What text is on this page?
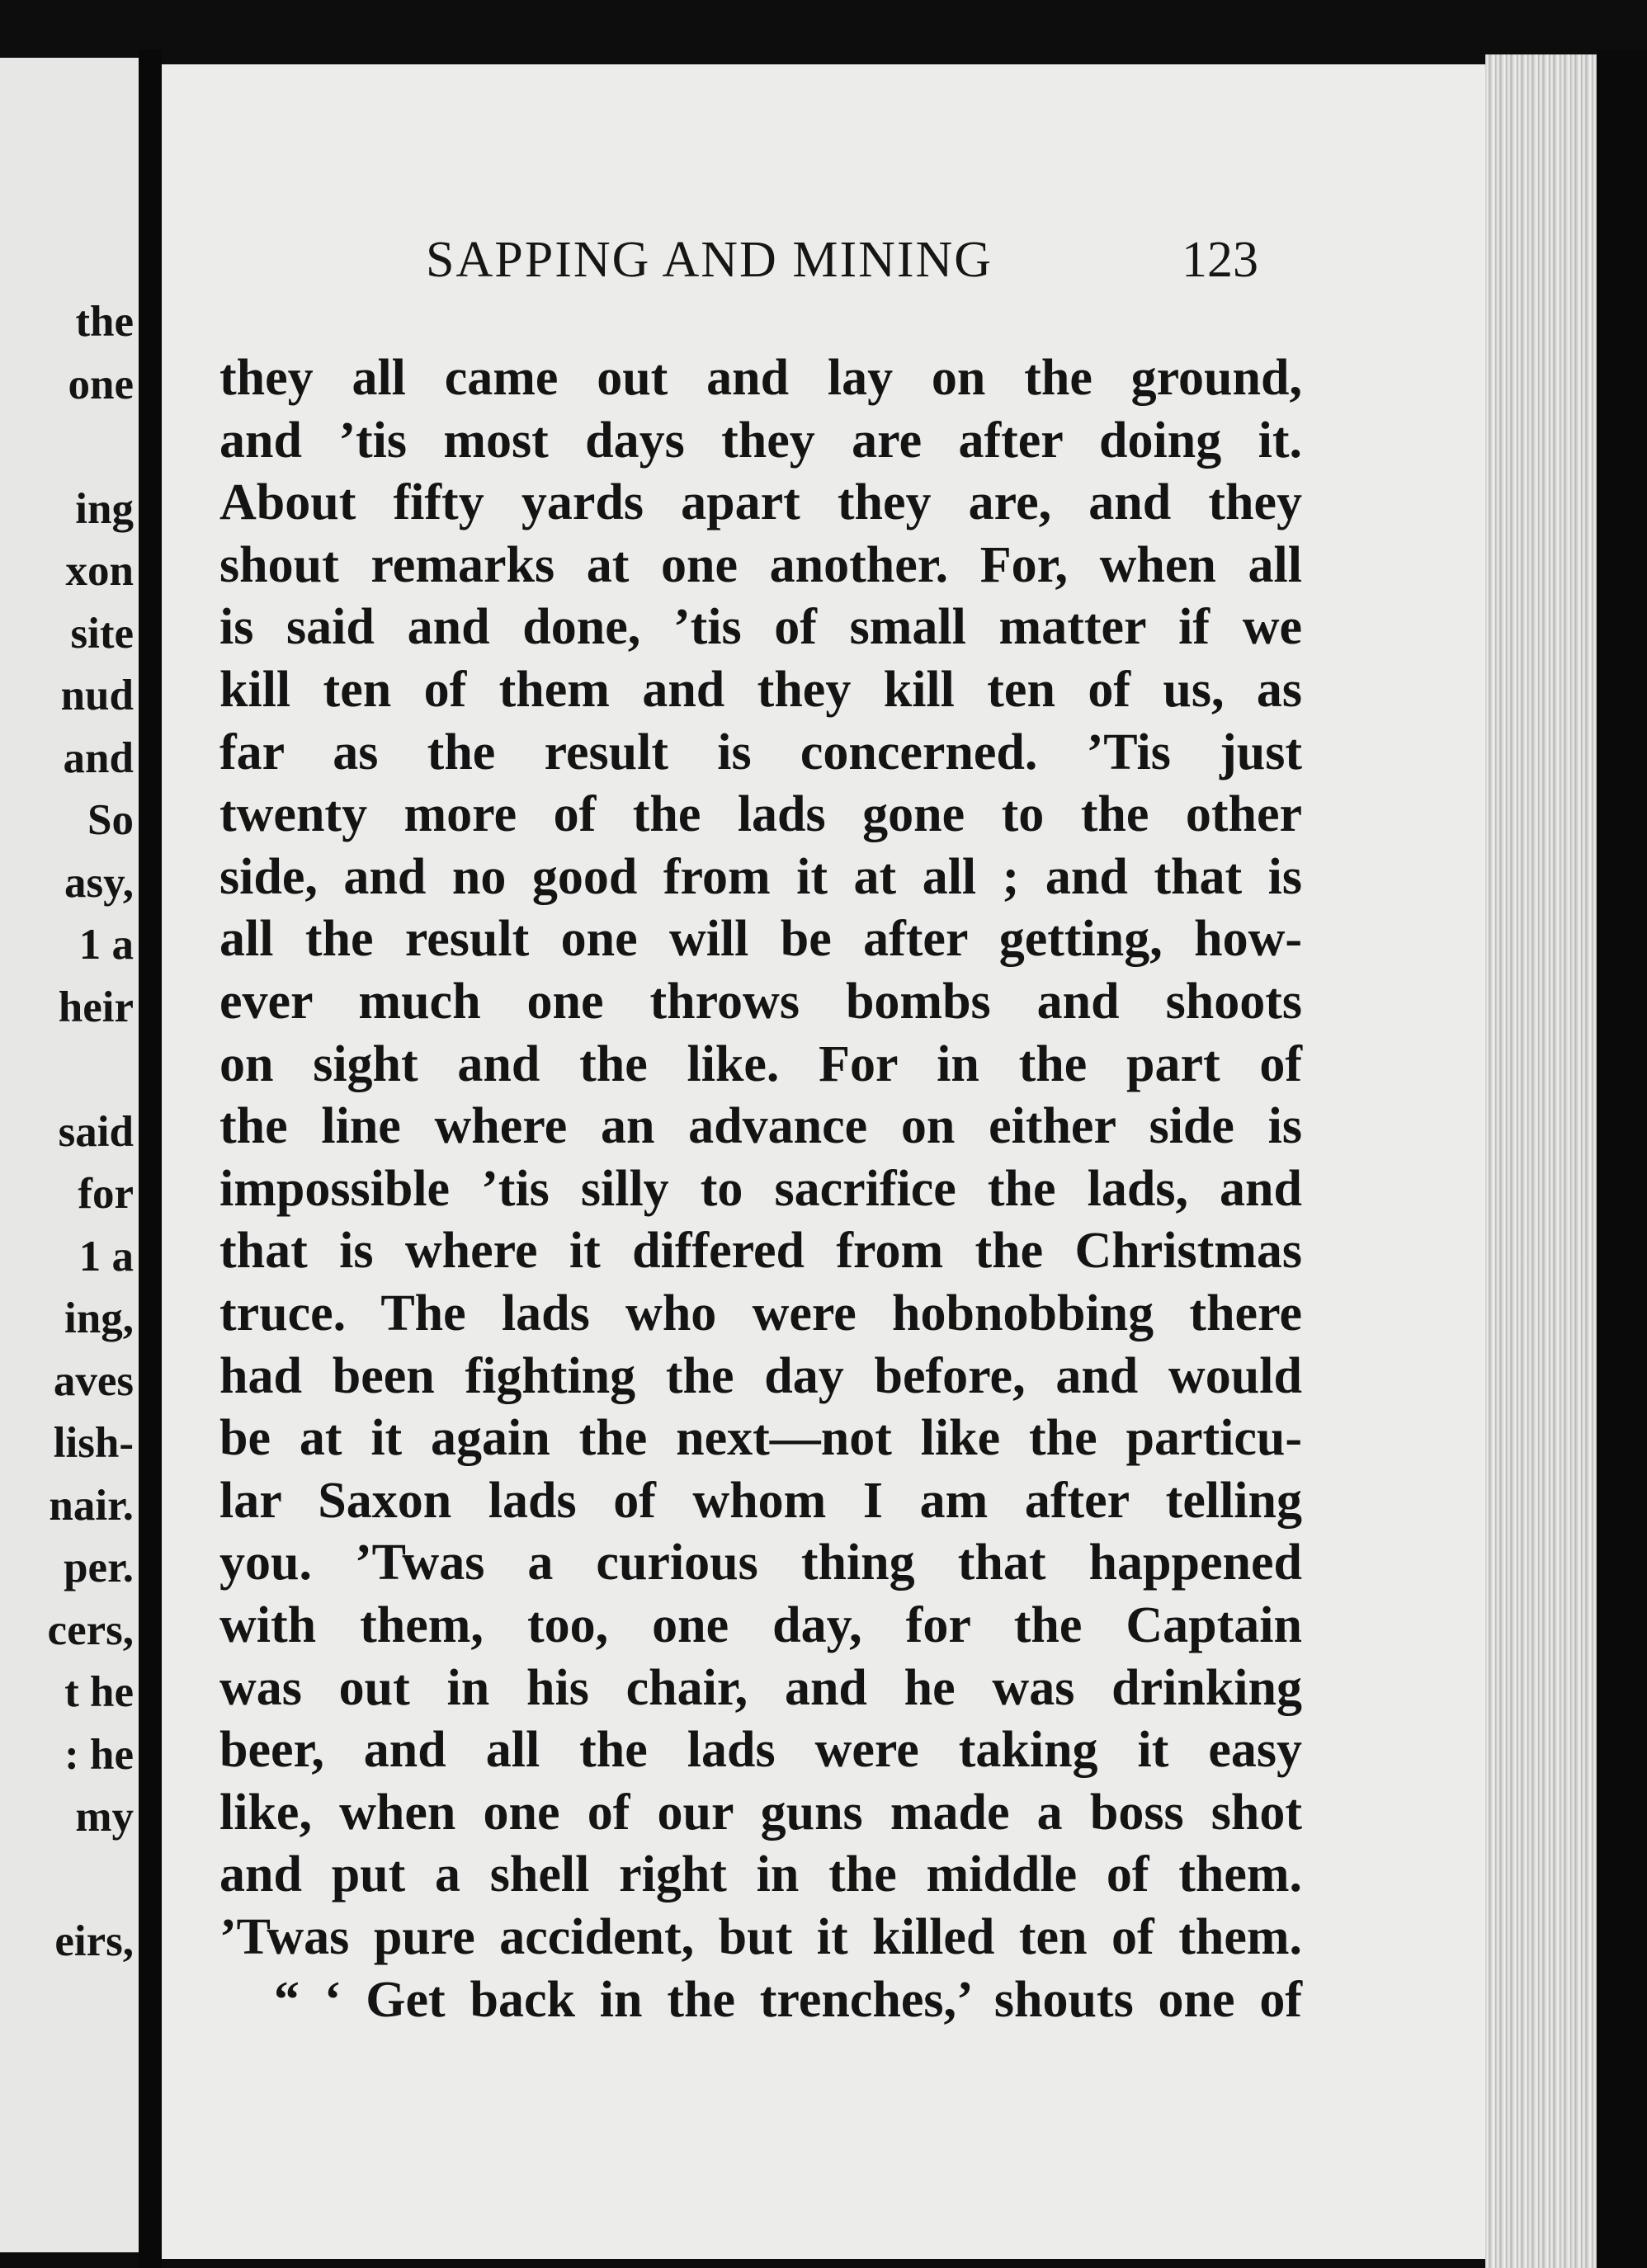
the
one
ing
xon
site
nud
and
So
asy,
1 a
heir
said
for
1 a
ing,
aves
lish-
nair.
per.
cers,
t he
: he
my
eirs,
SAPPING AND MINING	123
they all came out and lay on the ground,
and ’tis most days they are after doing it.
About fifty yards apart they are, and they
shout remarks at one another. For, when all
is said and done, ’tis of small matter if we
kill ten of them and they kill ten of us, as
far as the result is concerned. ’Tis just
twenty more of the lads gone to the other
side, and no good from it at all ; and that is
all the result one will be after getting, how-
ever much one throws bombs and shoots
on sight and the like. For in the part of
the line where an advance on either side is
impossible ’tis silly to sacrifice the lads, and
that is where it differed from the Christmas
truce. The lads who were hobnobbing there
had been fighting the day before, and would
be at it again the next—not like the particu-
lar Saxon lads of whom I am after telling
you. ’Twas a curious thing that happened
with them, too, one day, for the Captain
was out in his chair, and he was drinking
beer, and all the lads were taking it easy
like, when one of our guns made a boss shot
and put a shell right in the middle of them.
’Twas pure accident, but it killed ten of them.
“ ‘ Get back in the trenches,’ shouts one of
